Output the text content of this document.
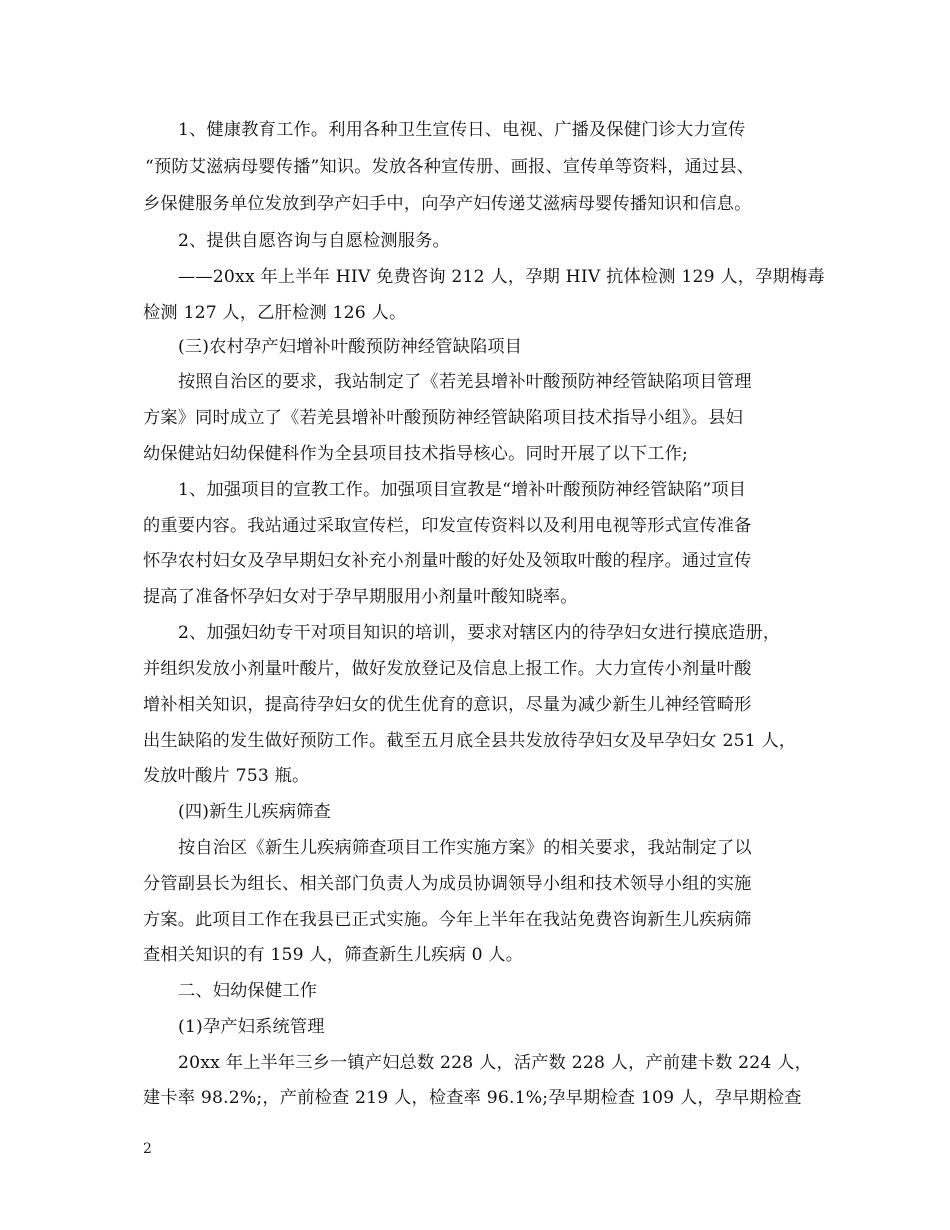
1、健康教育工作。利用各种卫生宣传日、电视、广播及保健门诊大力宣传
“预防艾滋病母婴传播”知识。发放各种宣传册、画报、宣传单等资料，通过县、
乡保健服务单位发放到孕产妇手中，向孕产妇传递艾滋病母婴传播知识和信息。
2、提供自愿咨询与自愿检测服务。
——20xx 年上半年 HIV 免费咨询 212 人，孕期 HIV 抗体检测 129 人，孕期梅毒
检测 127 人，乙肝检测 126 人。
(三)农村孕产妇增补叶酸预防神经管缺陷项目
按照自治区的要求，我站制定了《若羌县增补叶酸预防神经管缺陷项目管理
方案》同时成立了《若羌县增补叶酸预防神经管缺陷项目技术指导小组》。县妇
幼保健站妇幼保健科作为全县项目技术指导核心。同时开展了以下工作;
1、加强项目的宣教工作。加强项目宣教是“增补叶酸预防神经管缺陷”项目
的重要内容。我站通过采取宣传栏，印发宣传资料以及利用电视等形式宣传准备
怀孕农村妇女及孕早期妇女补充小剂量叶酸的好处及领取叶酸的程序。通过宣传
提高了准备怀孕妇女对于孕早期服用小剂量叶酸知晓率。
2、加强妇幼专干对项目知识的培训，要求对辖区内的待孕妇女进行摸底造册，
并组织发放小剂量叶酸片，做好发放登记及信息上报工作。大力宣传小剂量叶酸
增补相关知识，提高待孕妇女的优生优育的意识，尽量为减少新生儿神经管畸形
出生缺陷的发生做好预防工作。截至五月底全县共发放待孕妇女及早孕妇女 251 人，
发放叶酸片 753 瓶。
(四)新生儿疾病筛查
按自治区《新生儿疾病筛查项目工作实施方案》的相关要求，我站制定了以
分管副县长为组长、相关部门负责人为成员协调领导小组和技术领导小组的实施
方案。此项目工作在我县已正式实施。今年上半年在我站免费咨询新生儿疾病筛
查相关知识的有 159 人，筛查新生儿疾病 0 人。
二、妇幼保健工作
(1)孕产妇系统管理
20xx 年上半年三乡一镇产妇总数 228 人，活产数 228 人，产前建卡数 224 人，
建卡率 98.2%;，产前检查 219 人，检查率 96.1%;孕早期检查 109 人，孕早期检查
2
